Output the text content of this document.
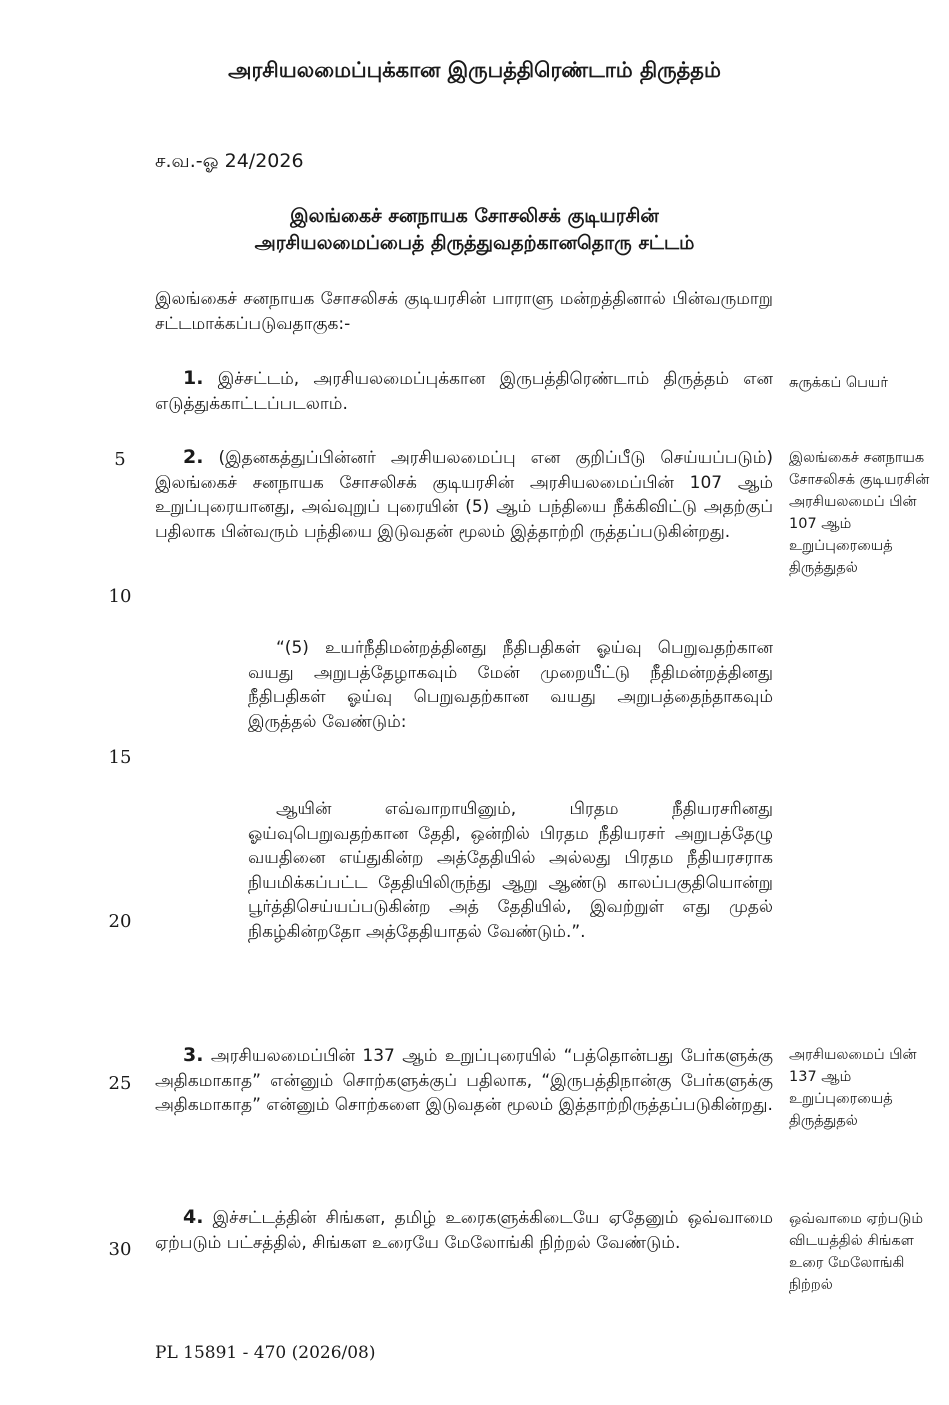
அரசியலமைப்புக்கான இருபத்திரெண்டாம் திருத்தம்
ச.வ.-ஓ 24/2026
இலங்கைச் சனநாயக சோசலிசக் குடியரசின்
அரசியலமைப்பைத் திருத்துவதற்கானதொரு சட்டம்
இலங்கைச் சனநாயக சோசலிசக் குடியரசின் பாராளு மன்றத்தினால் பின்வருமாறு சட்டமாக்கப்படுவதாகுக:-
1. இச்சட்டம், அரசியலமைப்புக்கான இருபத்திரெண்டாம் திருத்தம் என எடுத்துக்காட்டப்படலாம்.
சுருக்கப் பெயர்
2. (இதனகத்துப்பின்னர் அரசியலமைப்பு என குறிப்பீடு செய்யப்படும்) இலங்கைச் சனநாயக சோசலிசக் குடியரசின் அரசியலமைப்பின் 107 ஆம் உறுப்புரையானது, அவ்வுறுப் புரையின் (5) ஆம் பந்தியை நீக்கிவிட்டு அதற்குப் பதிலாக பின்வரும் பந்தியை இடுவதன் மூலம் இத்தாற்றி ருத்தப்படுகின்றது.
இலங்கைச் சனநாயக சோசலிசக் குடியரசின் அரசியலமைப் பின் 107 ஆம் உறுப்புரையைத் திருத்துதல்
“(5) உயர்நீதிமன்றத்தினது நீதிபதிகள் ஓய்வு பெறுவதற்கான வயது அறுபத்தேழாகவும் மேன் முறையீட்டு நீதிமன்றத்தினது நீதிபதிகள் ஓய்வு பெறுவதற்கான வயது அறுபத்தைந்தாகவும் இருத்தல் வேண்டும்:
ஆயின் எவ்வாறாயினும், பிரதம நீதியரசரினது ஓய்வுபெறுவதற்கான தேதி, ஒன்றில் பிரதம நீதியரசர் அறுபத்தேழு வயதினை எய்துகின்ற அத்தேதியில் அல்லது பிரதம நீதியரசராக நியமிக்கப்பட்ட தேதியிலிருந்து ஆறு ஆண்டு காலப்பகுதியொன்று பூர்த்திசெய்யப்படுகின்ற அத் தேதியில், இவற்றுள் எது முதல் நிகழ்கின்றதோ அத்தேதியாதல் வேண்டும்.”.
3. அரசியலமைப்பின் 137 ஆம் உறுப்புரையில் “பத்தொன்பது பேர்களுக்கு அதிகமாகாத” என்னும் சொற்களுக்குப் பதிலாக, “இருபத்திநான்கு பேர்களுக்கு அதிகமாகாத” என்னும் சொற்களை இடுவதன் மூலம் இத்தாற்றிருத்தப்படுகின்றது.
அரசியலமைப் பின் 137 ஆம் உறுப்புரையைத் திருத்துதல்
4. இச்சட்டத்தின் சிங்கள, தமிழ் உரைகளுக்கிடையே ஏதேனும் ஒவ்வாமை ஏற்படும் பட்சத்தில், சிங்கள உரையே மேலோங்கி நிற்றல் வேண்டும்.
ஒவ்வாமை ஏற்படும் விடயத்தில் சிங்கள உரை மேலோங்கி நிற்றல்
5
10
15
20
25
30
PL 15891 - 470 (2026/08)
